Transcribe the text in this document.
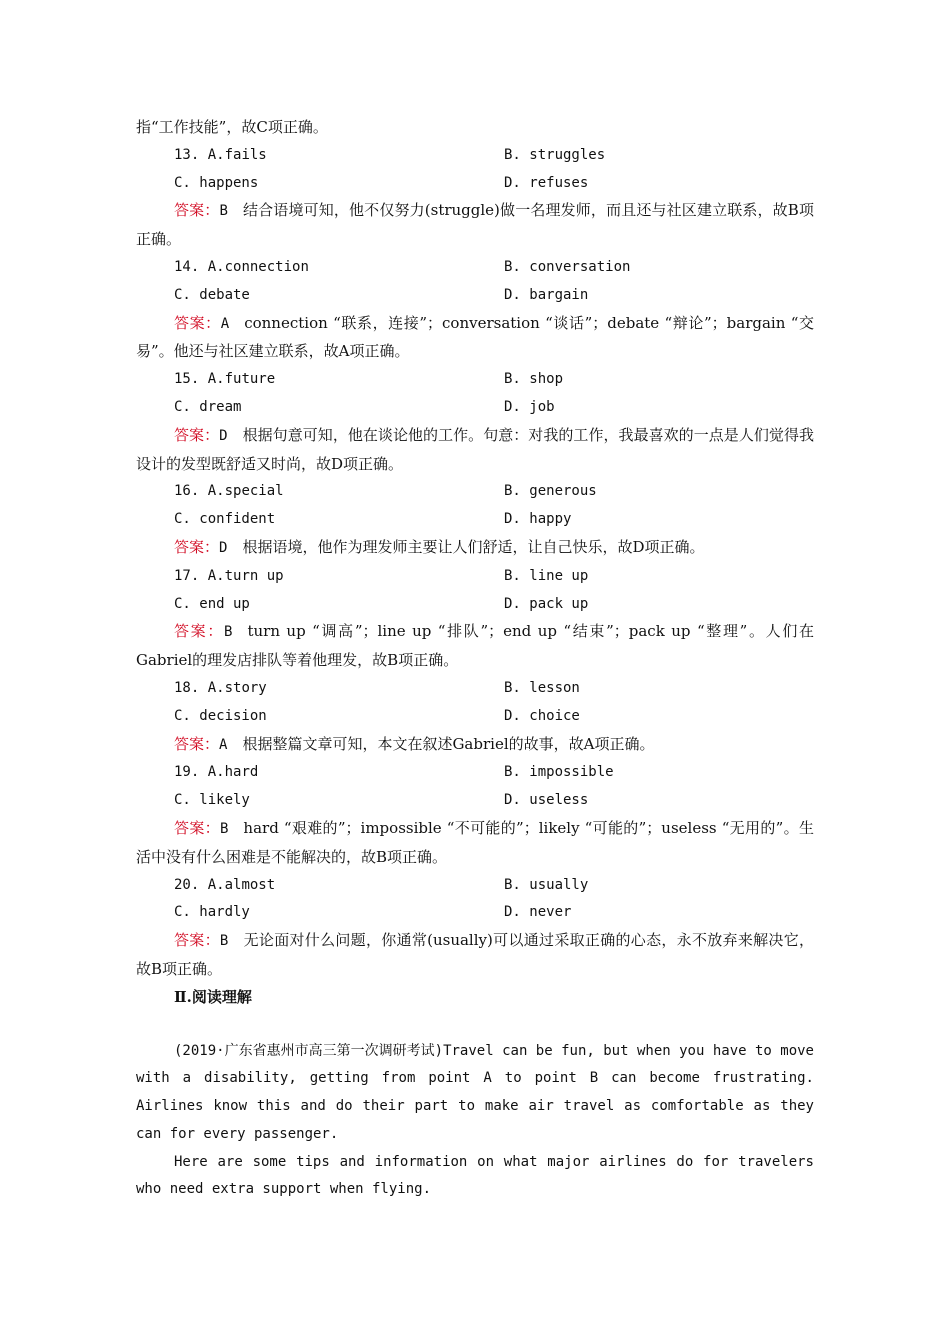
指“工作技能”，故C项正确。
13. A.fails	B. struggles
C. happens	D. refuses
答案：B  结合语境可知，他不仅努力(struggle)做一名理发师，而且还与社区建立联系，故B项正确。
14. A.connection	B. conversation
C. debate	D. bargain
答案：A  connection “联系，连接”；conversation “谈话”；debate “辩论”；bargain “交易”。他还与社区建立联系，故A项正确。
15. A.future	B. shop
C. dream	D. job
答案：D  根据句意可知，他在谈论他的工作。句意：对我的工作，我最喜欢的一点是人们觉得我设计的发型既舒适又时尚，故D项正确。
16. A.special	B. generous
C. confident	D. happy
答案：D  根据语境，他作为理发师主要让人们舒适，让自己快乐，故D项正确。
17. A.turn up	B. line up
C. end up	D. pack up
答案：B  turn up “调高”；line up “排队”；end up “结束”；pack up “整理”。人们在Gabriel的理发店排队等着他理发，故B项正确。
18. A.story	B. lesson
C. decision	D. choice
答案：A  根据整篇文章可知，本文在叙述Gabriel的故事，故A项正确。
19. A.hard	B. impossible
C. likely	D. useless
答案：B  hard “艰难的”；impossible “不可能的”；likely “可能的”；useless “无用的”。生活中没有什么困难是不能解决的，故B项正确。
20. A.almost	B. usually
C. hardly	D. never
答案：B  无论面对什么问题，你通常(usually)可以通过采取正确的心态，永不放弃来解决它，故B项正确。
Ⅱ.阅读理解
(2019·广东省惠州市高三第一次调研考试)Travel can be fun, but when you have to move with a disability, getting from point A to point B can become frustrating. Airlines know this and do their part to make air travel as comfortable as they can for every passenger.
Here are some tips and information on what major airlines do for travelers who need extra support when flying.
